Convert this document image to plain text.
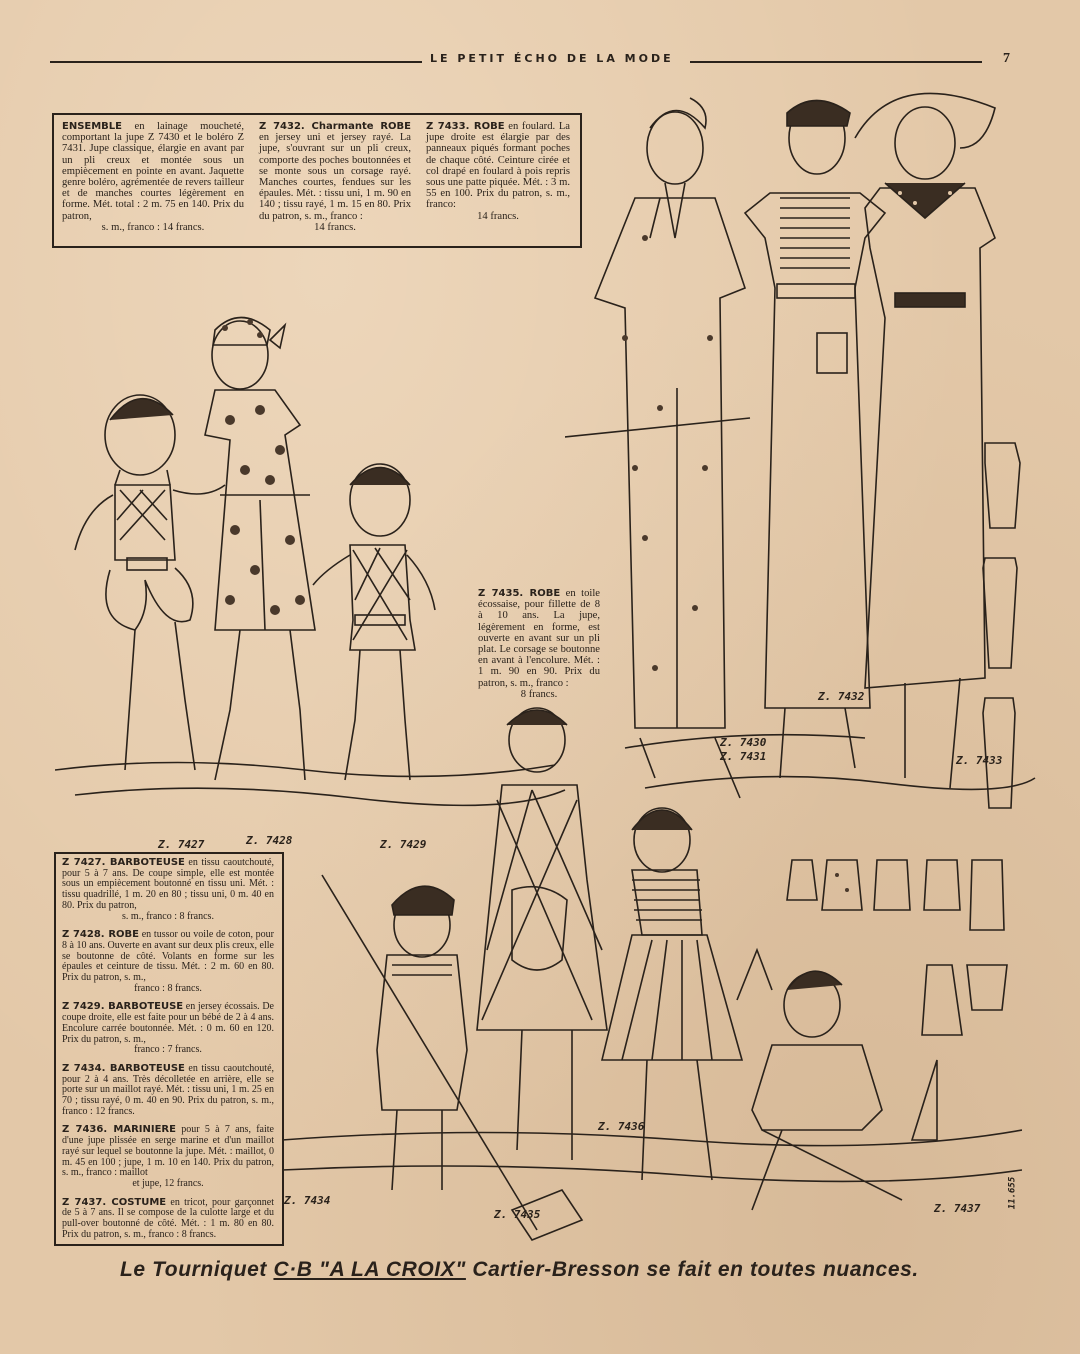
LE PETIT ÉCHO DE LA MODE	7
ENSEMBLE en lainage moucheté, comportant la jupe Z 7430 et le boléro Z 7431. Jupe classique, élargie en avant par un pli creux et montée sous un empiècement en pointe en avant. Jaquette genre boléro, agrémentée de revers tailleur et de manches courtes légèrement en forme. Mét. total : 2 m. 75 en 140. Prix du patron,
s. m., franco : 14 francs.
Z 7432. Charmante ROBE en jersey uni et jersey rayé. La jupe, s'ouvrant sur un pli creux, comporte des poches boutonnées et se monte sous un corsage rayé. Manches courtes, fendues sur les épaules. Mét. : tissu uni, 1 m. 90 en 140 ; tissu rayé, 1 m. 15 en 80. Prix du patron, s. m., franco :
14 francs.
Z 7433. ROBE en foulard. La jupe droite est élargie par des panneaux piqués formant poches de chaque côté. Ceinture cirée et col drapé en foulard à pois repris sous une patte piquée. Mét. : 3 m. 55 en 100. Prix du patron, s. m., franco:
14 francs.
Z 7435. ROBE en toile écossaise, pour fillette de 8 à 10 ans. La jupe, légèrement en forme, est ouverte en avant sur un pli plat. Le corsage se boutonne en avant à l'encolure. Mét. : 1 m. 90 en 90. Prix du patron, s. m., franco :
8 francs.
Z 7427. BARBOTEUSE en tissu caoutchouté, pour 5 à 7 ans. De coupe simple, elle est montée sous un empiècement boutonné en tissu uni. Mét. : tissu quadrillé, 1 m. 20 en 80 ; tissu uni, 0 m. 40 en 80. Prix du patron,
s. m., franco : 8 francs.
Z 7428. ROBE en tussor ou voile de coton, pour 8 à 10 ans. Ouverte en avant sur deux plis creux, elle se boutonne de côté. Volants en forme sur les épaules et ceinture de tissu. Mét. : 2 m. 60 en 80. Prix du patron, s. m.,
franco : 8 francs.
Z 7429. BARBOTEUSE en jersey écossais. De coupe droite, elle est faite pour un bébé de 2 à 4 ans. Encolure carrée boutonnée. Mét. : 0 m. 60 en 120. Prix du patron, s. m.,
franco : 7 francs.
Z 7434. BARBOTEUSE en tissu caoutchouté, pour 2 à 4 ans. Très décolletée en arrière, elle se porte sur un maillot rayé. Mét. : tissu uni, 1 m. 25 en 70 ; tissu rayé, 0 m. 40 en 90. Prix du patron, s. m., franco : 12 francs.
Z 7436. MARINIERE pour 5 à 7 ans, faite d'une jupe plissée en serge marine et d'un maillot rayé sur lequel se boutonne la jupe. Mét. : maillot, 0 m. 45 en 100 ; jupe, 1 m. 10 en 140. Prix du patron, s. m., franco : maillot
et jupe, 12 francs.
Z 7437. COSTUME en tricot, pour garçonnet de 5 à 7 ans. Il se compose de la culotte large et du pull-over boutonné de côté. Mét. : 1 m. 80 en 80. Prix du patron, s. m., franco : 8 francs.
Z. 7427	Z. 7428	Z. 7429
Z. 7430
Z. 7431
Z. 7432
Z. 7433
Z. 7434
Z. 7435
Z. 7436
Z. 7437	11.655
Le Tourniquet C·B "A LA CROIX" Cartier-Bresson se fait en toutes nuances.
